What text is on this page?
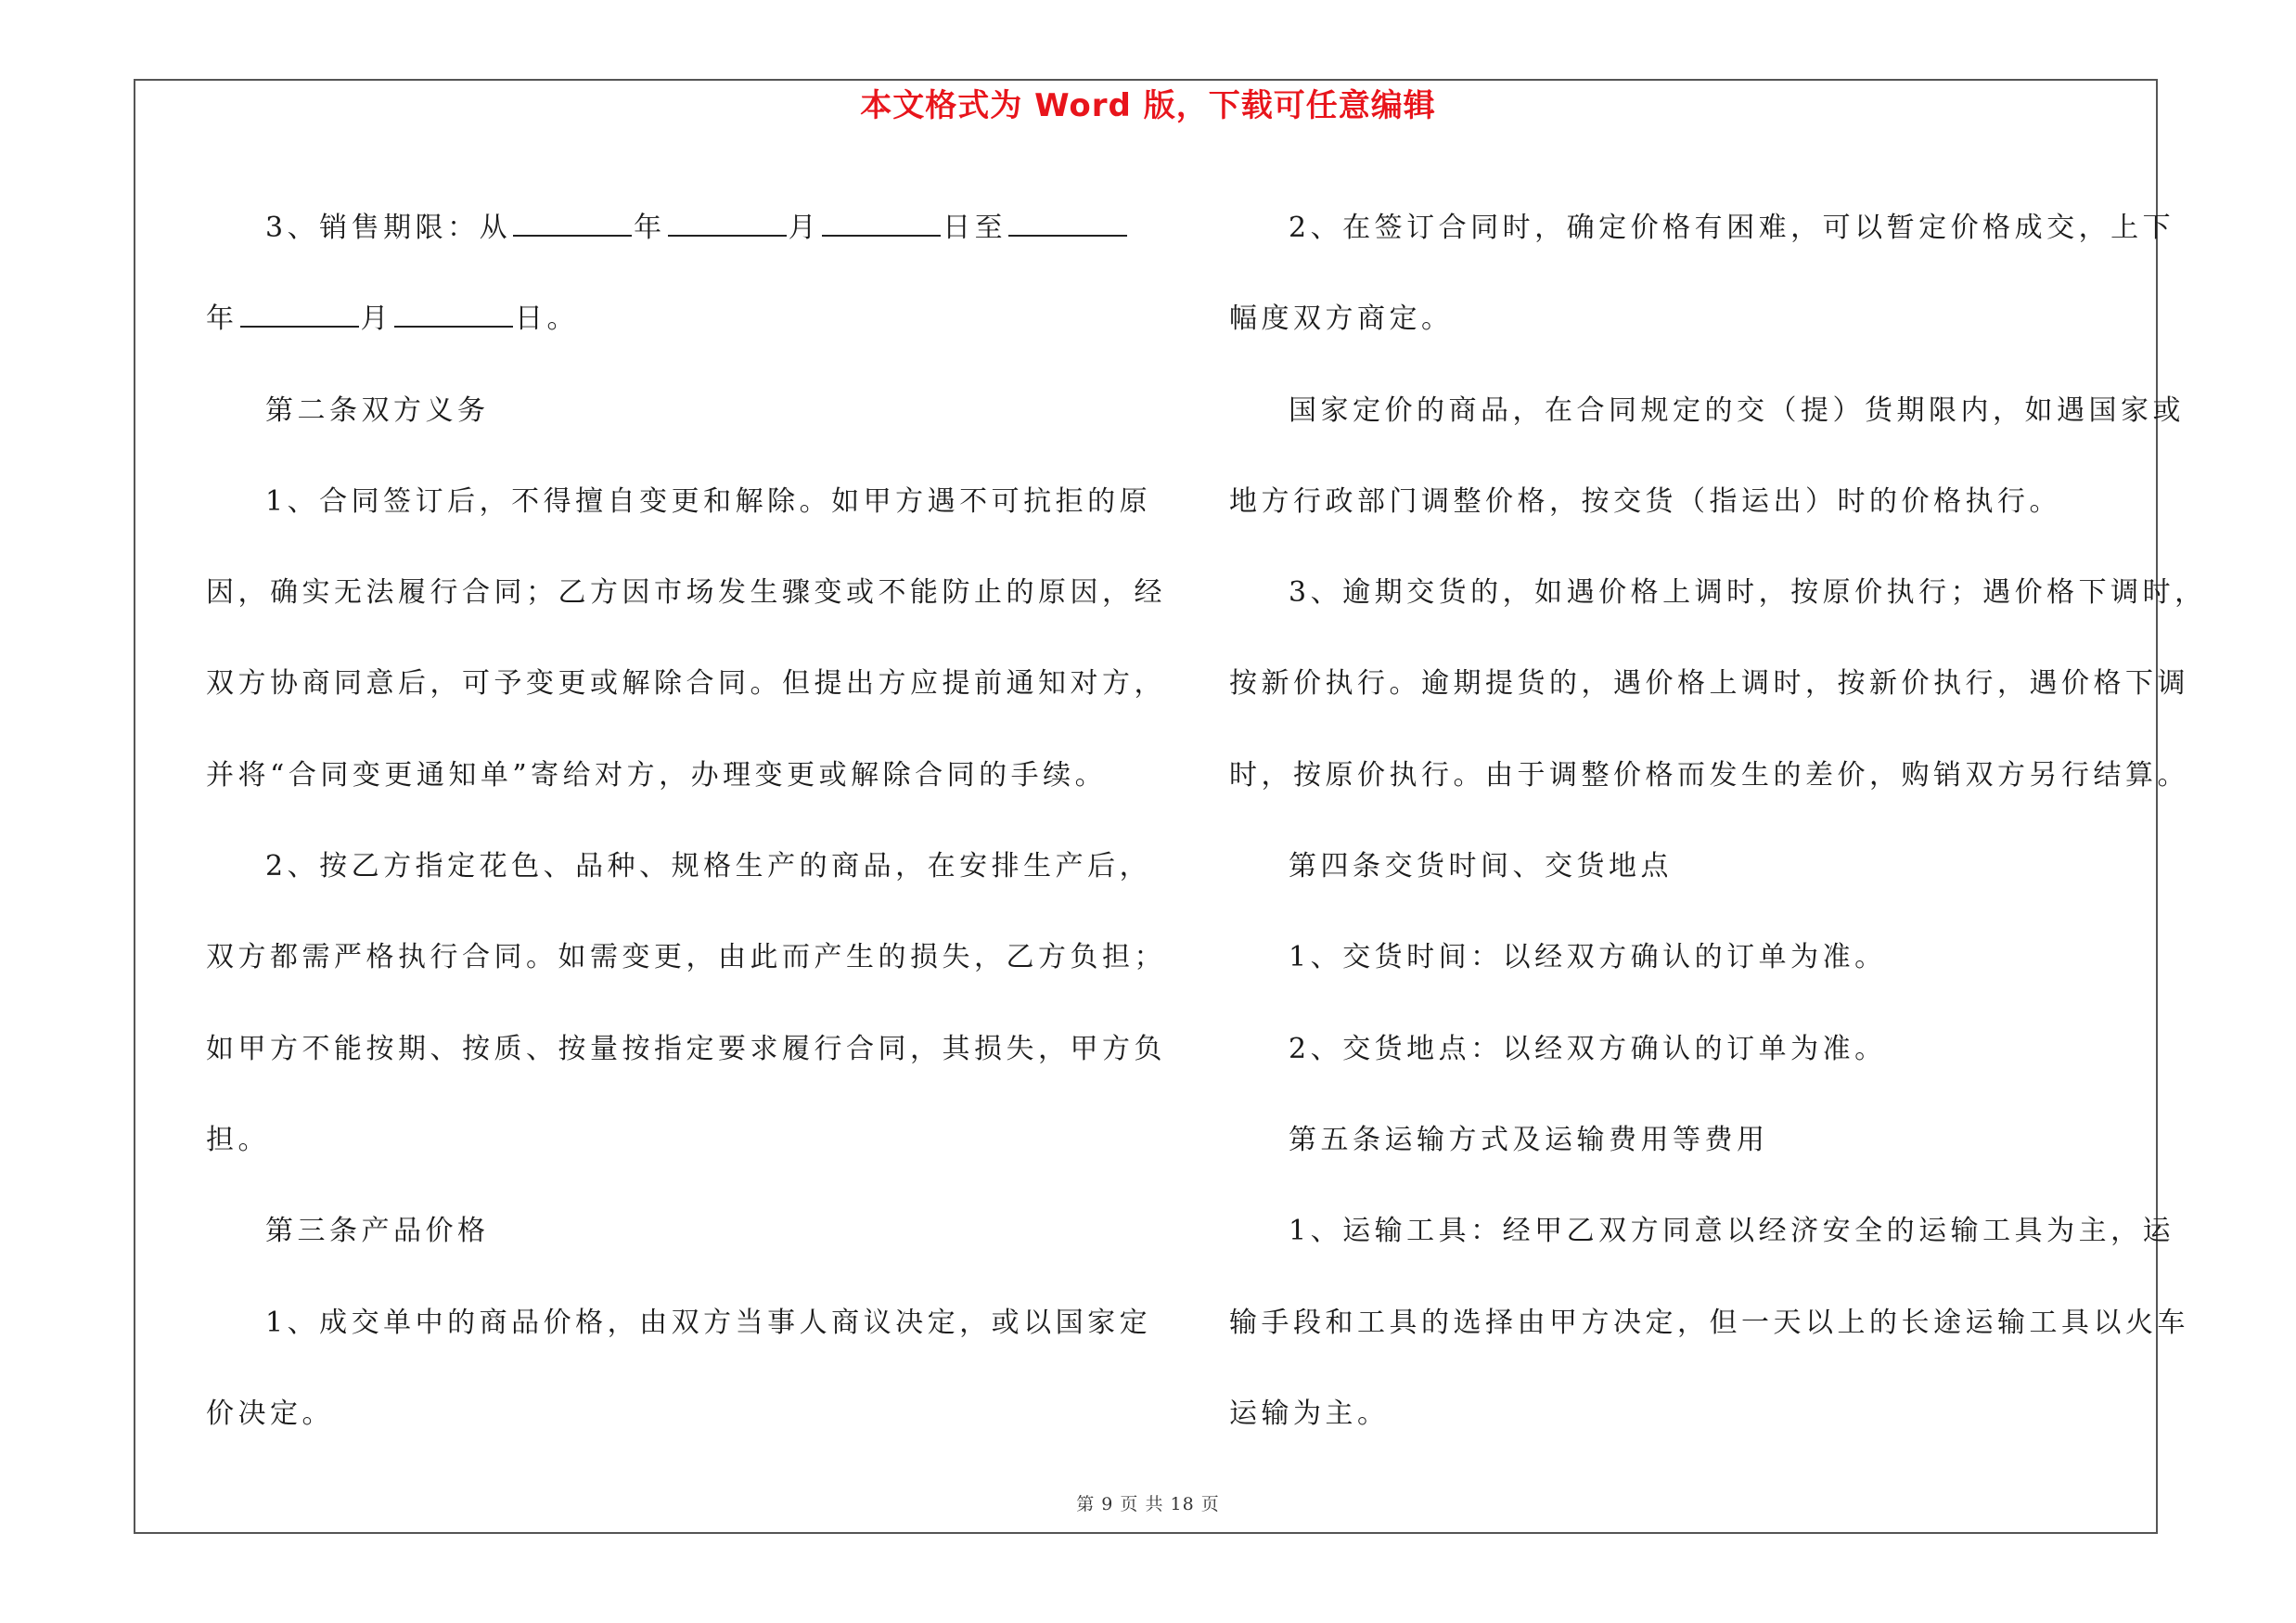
本文格式为 Word 版，下载可任意编辑
3、销售期限：从	年	月	日至
年	月	日。
第二条双方义务
1、合同签订后，不得擅自变更和解除。如甲方遇不可抗拒的原
因，确实无法履行合同；乙方因市场发生骤变或不能防止的原因，经
双方协商同意后，可予变更或解除合同。但提出方应提前通知对方，
并将“合同变更通知单”寄给对方，办理变更或解除合同的手续。
2、按乙方指定花色、品种、规格生产的商品，在安排生产后，
双方都需严格执行合同。如需变更，由此而产生的损失，乙方负担；
如甲方不能按期、按质、按量按指定要求履行合同，其损失，甲方负
担。
第三条产品价格
1、成交单中的商品价格，由双方当事人商议决定，或以国家定
价决定。
2、在签订合同时，确定价格有困难，可以暂定价格成交，上下
幅度双方商定。
国家定价的商品，在合同规定的交（提）货期限内，如遇国家或
地方行政部门调整价格，按交货（指运出）时的价格执行。
3、逾期交货的，如遇价格上调时，按原价执行；遇价格下调时，
按新价执行。逾期提货的，遇价格上调时，按新价执行，遇价格下调
时，按原价执行。由于调整价格而发生的差价，购销双方另行结算。
第四条交货时间、交货地点
1、交货时间：以经双方确认的订单为准。
2、交货地点：以经双方确认的订单为准。
第五条运输方式及运输费用等费用
1、运输工具：经甲乙双方同意以经济安全的运输工具为主，运
输手段和工具的选择由甲方决定，但一天以上的长途运输工具以火车
运输为主。
第 9 页 共 18 页
